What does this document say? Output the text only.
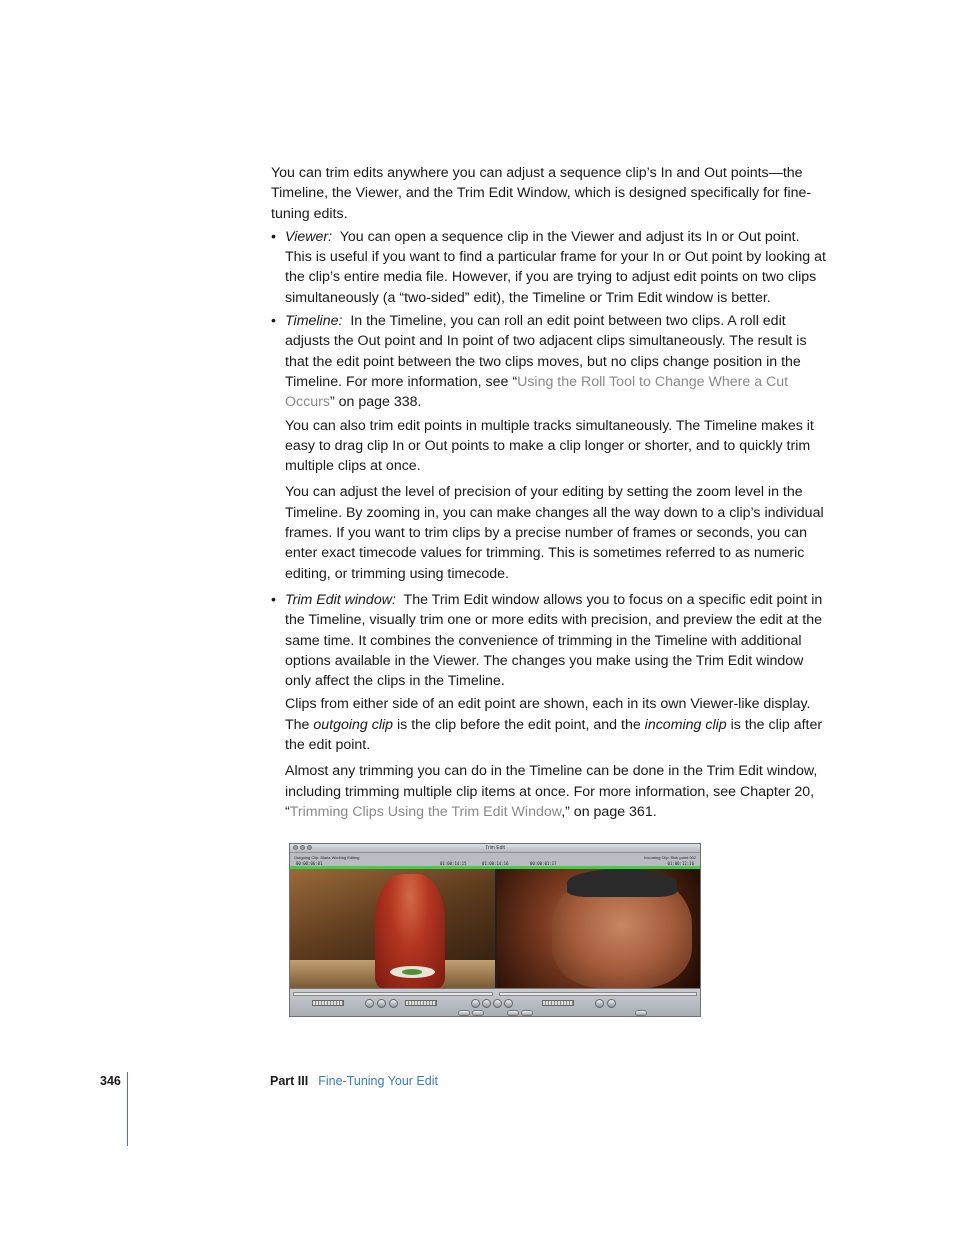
You can trim edits anywhere you can adjust a sequence clip’s In and Out points—the Timeline, the Viewer, and the Trim Edit Window, which is designed specifically for fine-tuning edits.

• Viewer: You can open a sequence clip in the Viewer and adjust its In or Out point. This is useful if you want to find a particular frame for your In or Out point by looking at the clip’s entire media file. However, if you are trying to adjust edit points on two clips simultaneously (a “two-sided” edit), the Timeline or Trim Edit window is better.

• Timeline: In the Timeline, you can roll an edit point between two clips. A roll edit adjusts the Out point and In point of two adjacent clips simultaneously. The result is that the edit point between the two clips moves, but no clips change position in the Timeline. For more information, see “Using the Roll Tool to Change Where a Cut Occurs” on page 338.

You can also trim edit points in multiple tracks simultaneously. The Timeline makes it easy to drag clip In or Out points to make a clip longer or shorter, and to quickly trim multiple clips at once.

You can adjust the level of precision of your editing by setting the zoom level in the Timeline. By zooming in, you can make changes all the way down to a clip’s individual frames. If you want to trim clips by a precise number of frames or seconds, you can enter exact timecode values for trimming. This is sometimes referred to as numeric editing, or trimming using timecode.

• Trim Edit window: The Trim Edit window allows you to focus on a specific edit point in the Timeline, visually trim one or more edits with precision, and preview the edit at the same time. It combines the convenience of trimming in the Timeline with additional options available in the Viewer. The changes you make using the Trim Edit window only affect the clips in the Timeline.

Clips from either side of an edit point are shown, each in its own Viewer-like display. The outgoing clip is the clip before the edit point, and the incoming clip is the clip after the edit point.

Almost any trimming you can do in the Timeline can be done in the Trim Edit window, including trimming multiple clip items at once. For more information, see Chapter 20, “Trimming Clips Using the Trim Edit Window,” on page 361.

Trim Edit
Outgoing Clip: Maria Working Editing	Incoming Clip: Rick point 002
00:00:06:01	01:00:14:15	01:00:14:16	00:00:01:17	01:00:12:16
346	Part III Fine-Tuning Your Edit
